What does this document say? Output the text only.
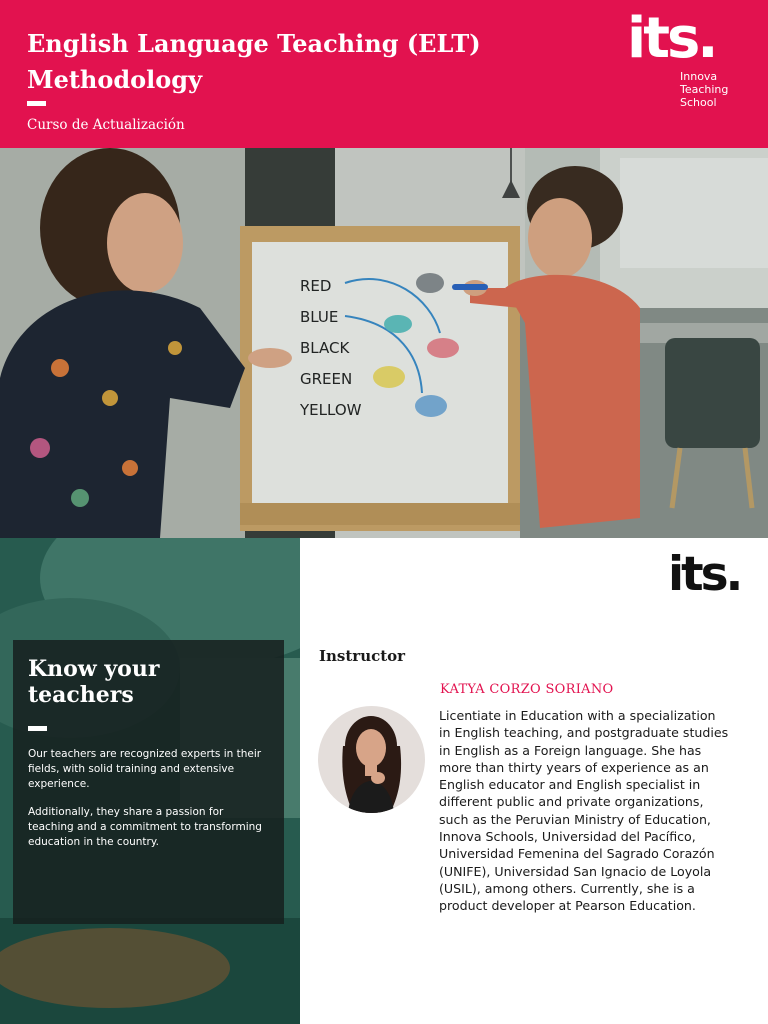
English Language Teaching (ELT) Methodology
Curso de Actualización
its.
Innova
Teaching
School
RED
BLUE
BLACK
GREEN
YELLOW
Know your teachers
Our teachers are recognized experts in their fields, with solid training and extensive experience.
Additionally, they share a passion for teaching and a commitment to transforming education in the country.
its.
Instructor
KATYA CORZO SORIANO
Licentiate in Education with a specialization in English teaching, and postgraduate studies in English as a Foreign language. She has more than thirty years of experience as an English educator and English specialist in different public and private organizations, such as the Peruvian Ministry of Education, Innova Schools, Universidad del Pacífico, Universidad Femenina del Sagrado Corazón (UNIFE), Universidad San Ignacio de Loyola (USIL), among others. Currently, she is a product developer at Pearson Education.
